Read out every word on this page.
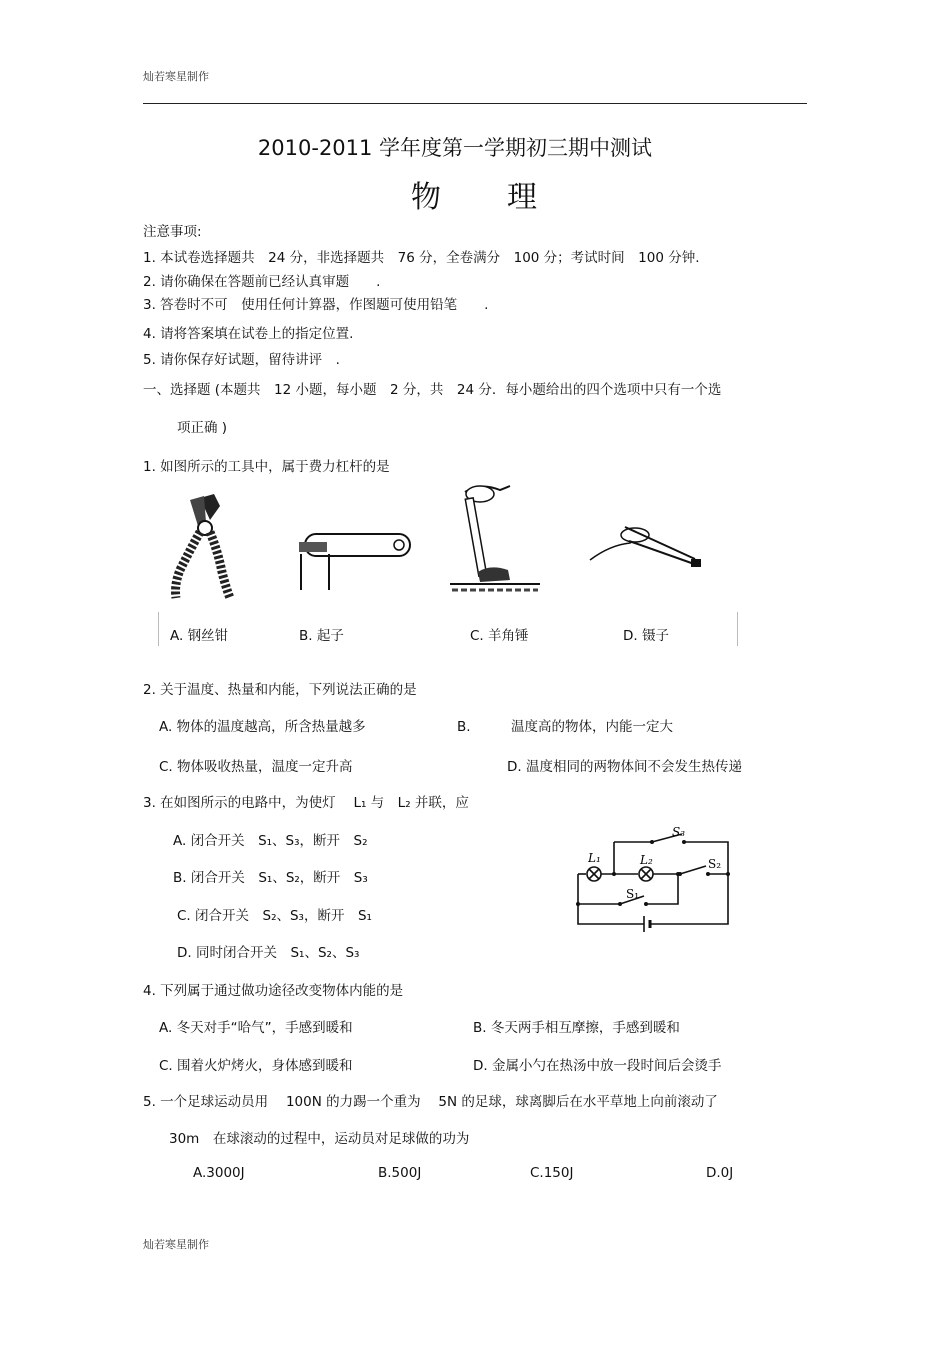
灿若寒星制作
2010-2011 学年度第一学期初三期中测试
物　　理
注意事项:
1. 本试卷选择题共　24 分，非选择题共　76 分，全卷满分　100 分；考试时间　100 分钟.
2. 请你确保在答题前已经认真审题　　.
3. 答卷时不可　使用任何计算器，作图题可使用铅笔　　.
4. 请将答案填在试卷上的指定位置.
5. 请你保存好试题，留待讲评　.
一、选择题 (本题共　12 小题，每小题　2 分，共　24 分．每小题给出的四个选项中只有一个选
项正确 )
1. 如图所示的工具中，属于费力杠杆的是
A. 钢丝钳	B. 起子	C. 羊角锤	D. 镊子
2. 关于温度、热量和内能，下列说法正确的是
A. 物体的温度越高，所含热量越多	B.　　　温度高的物体，内能一定大
C. 物体吸收热量，温度一定升高	D. 温度相同的两物体间不会发生热传递
3. 在如图所示的电路中，为使灯　 L₁ 与　L₂ 并联，应
A. 闭合开关　S₁、S₃，断开　S₂
B. 闭合开关　S₁、S₂，断开　S₃
C. 闭合开关　S₂、S₃，断开　S₁
D. 同时闭合开关　S₁、S₂、S₃
S₃
L₁	L₂	S₂
S₁
4. 下列属于通过做功途径改变物体内能的是
A. 冬天对手“哈气”，手感到暖和	B. 冬天两手相互摩擦，手感到暖和
C. 围着火炉烤火，身体感到暖和	D. 金属小勺在热汤中放一段时间后会烫手
5. 一个足球运动员用　 100N 的力踢一个重为　 5N 的足球，球离脚后在水平草地上向前滚动了
30m　在球滚动的过程中，运动员对足球做的功为
A.3000J	B.500J	C.150J	D.0J
灿若寒星制作
